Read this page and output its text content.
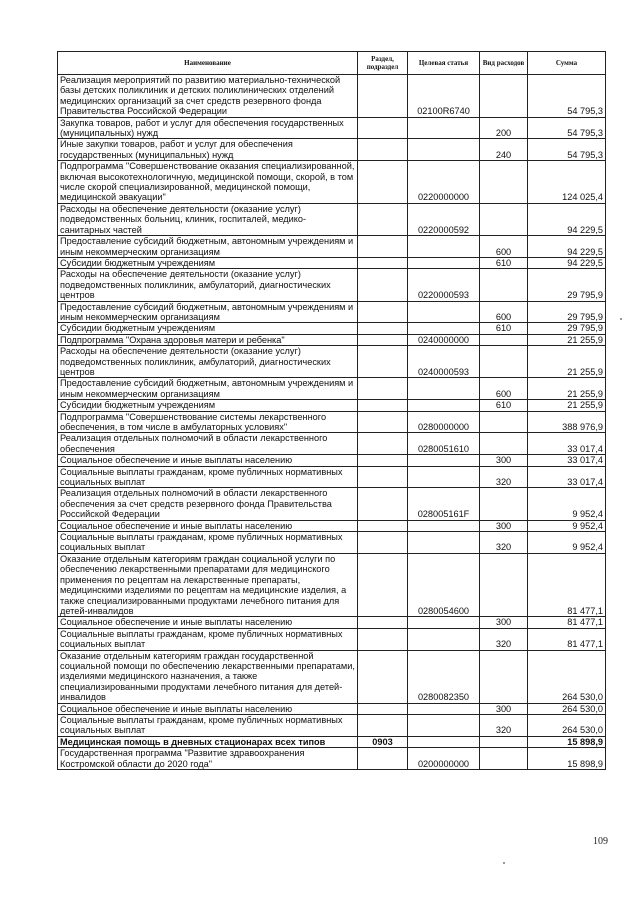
Наименование	Раздел, подраздел	Целевая статья	Вид расходов	Сумма
Реализация мероприятий по развитию материально-технической базы детских поликлиник и детских поликлинических отделений медицинских организаций за счет средств резервного фонда Правительства Российской Федерации		02100R6740		54 795,3
Закупка товаров, работ и услуг для обеспечения государственных (муниципальных) нужд			200	54 795,3
Иные закупки товаров, работ и услуг для обеспечения государственных (муниципальных) нужд			240	54 795,3
Подпрограмма "Совершенствование оказания специализированной, включая высокотехнологичную, медицинской помощи, скорой, в том числе скорой специализированной, медицинской помощи, медицинской эвакуации"		0220000000		124 025,4
Расходы на обеспечение деятельности (оказание услуг) подведомственных больниц, клиник, госпиталей, медико-санитарных частей		0220000592		94 229,5
Предоставление субсидий бюджетным, автономным учреждениям и иным некоммерческим организациям			600	94 229,5
Субсидии бюджетным учреждениям			610	94 229,5
Расходы на обеспечение деятельности (оказание услуг) подведомственных поликлиник, амбулаторий, диагностических центров		0220000593		29 795,9
Предоставление субсидий бюджетным, автономным учреждениям и иным некоммерческим организациям			600	29 795,9
Субсидии бюджетным учреждениям			610	29 795,9
Подпрограмма "Охрана здоровья матери и ребенка"		0240000000		21 255,9
Расходы на обеспечение деятельности (оказание услуг) подведомственных поликлиник, амбулаторий, диагностических центров		0240000593		21 255,9
Предоставление субсидий бюджетным, автономным учреждениям и иным некоммерческим организациям			600	21 255,9
Субсидии бюджетным учреждениям			610	21 255,9
Подпрограмма "Совершенствование системы лекарственного обеспечения, в том числе в амбулаторных условиях"		0280000000		388 976,9
Реализация отдельных полномочий в области лекарственного обеспечения		0280051610		33 017,4
Социальное обеспечение и иные выплаты населению			300	33 017,4
Социальные выплаты гражданам, кроме публичных нормативных социальных выплат			320	33 017,4
Реализация отдельных полномочий в области лекарственного обеспечения за счет средств резервного фонда Правительства Российской Федерации		028005161F		9 952,4
Социальное обеспечение и иные выплаты населению			300	9 952,4
Социальные выплаты гражданам, кроме публичных нормативных социальных выплат			320	9 952,4
Оказание отдельным категориям граждан социальной услуги по обеспечению лекарственными препаратами для медицинского применения по рецептам на лекарственные препараты, медицинскими изделиями по рецептам на медицинские изделия, а также специализированными продуктами лечебного питания для детей-инвалидов		0280054600		81 477,1
Социальное обеспечение и иные выплаты населению			300	81 477,1
Социальные выплаты гражданам, кроме публичных нормативных социальных выплат			320	81 477,1
Оказание отдельным категориям граждан государственной социальной помощи по обеспечению лекарственными препаратами, изделиями медицинского назначения, а также специализированными продуктами лечебного питания для детей-инвалидов		0280082350		264 530,0
Социальное обеспечение и иные выплаты населению			300	264 530,0
Социальные выплаты гражданам, кроме публичных нормативных социальных выплат			320	264 530,0
Медицинская помощь в дневных стационарах всех типов	0903			15 898,9
Государственная программа "Развитие здравоохранения Костромской области до 2020 года"		0200000000		15 898,9
109
